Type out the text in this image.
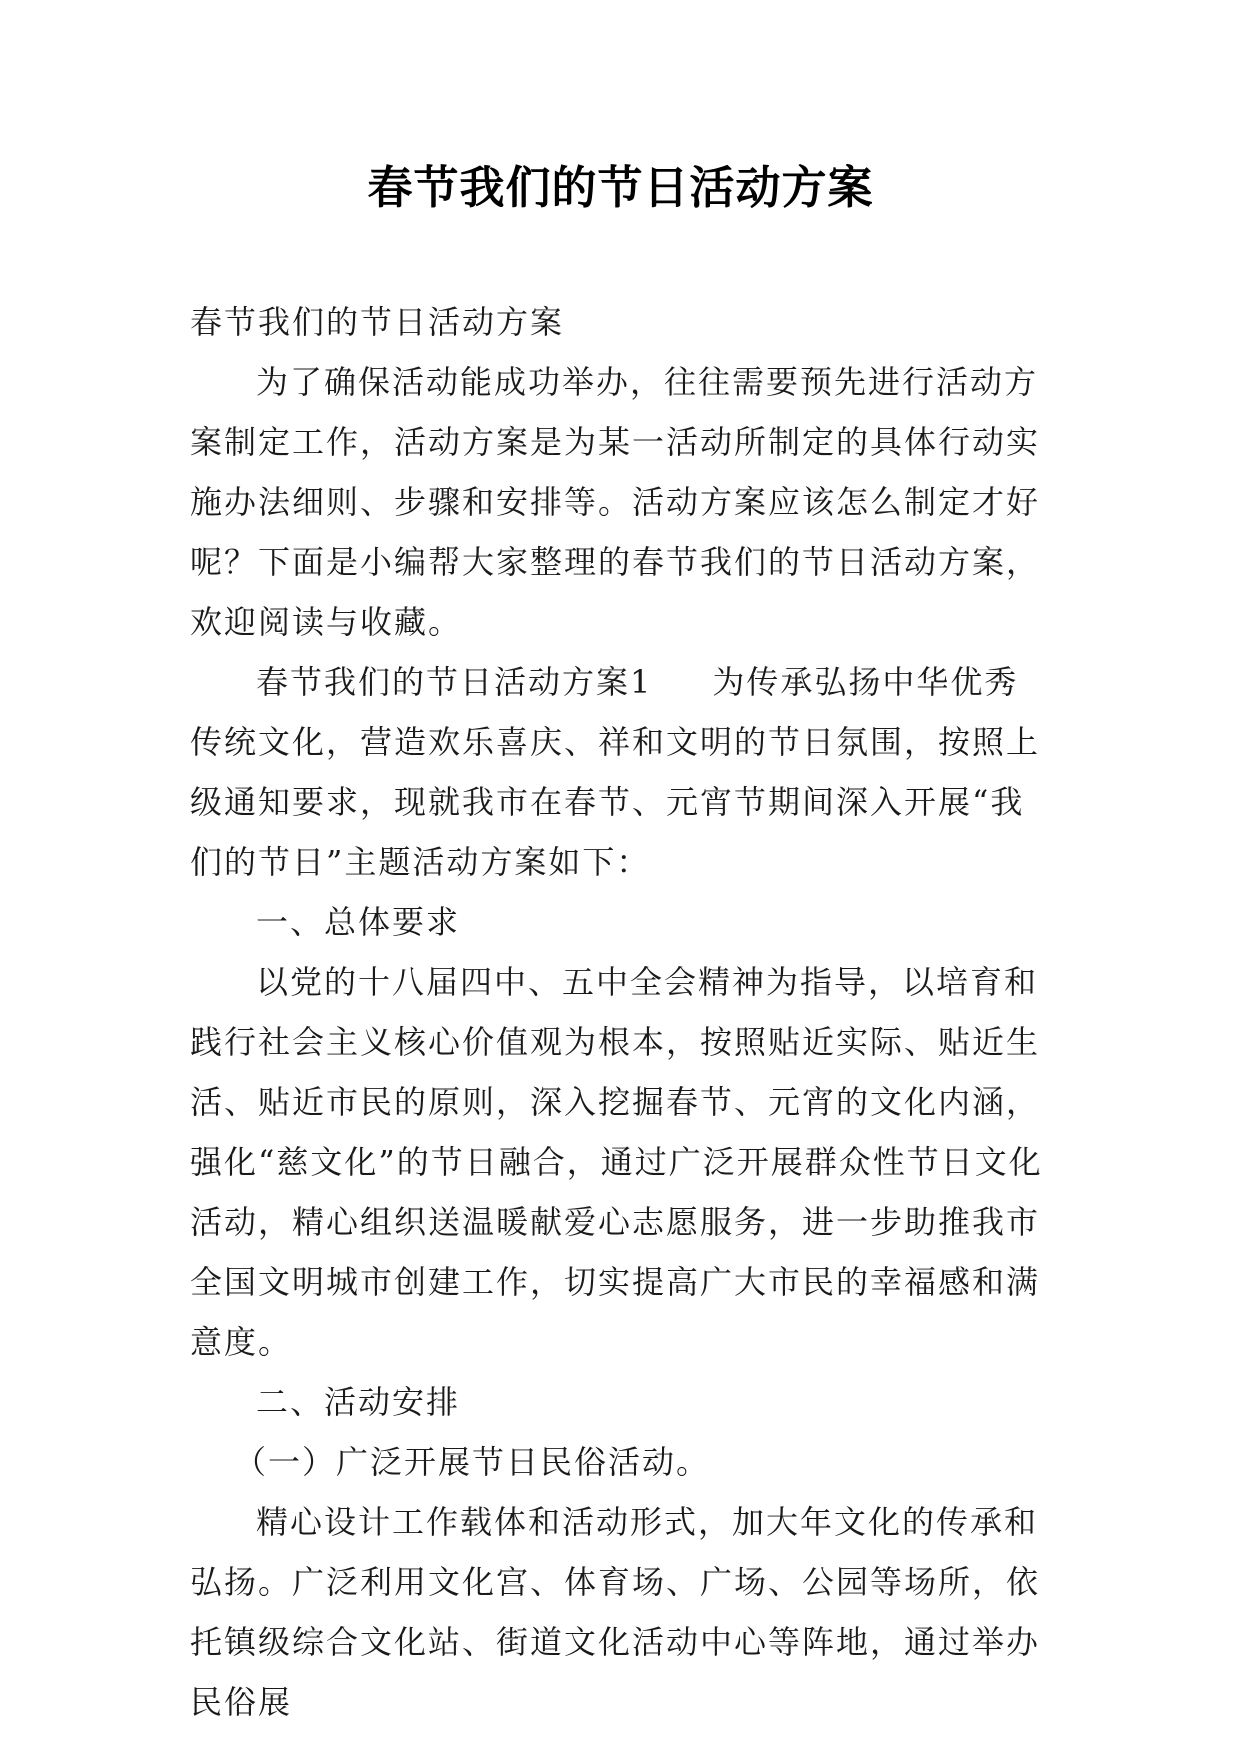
春节我们的节日活动方案

春节我们的节日活动方案

为了确保活动能成功举办，往往需要预先进行活动方案制定工作，活动方案是为某一活动所制定的具体行动实施办法细则、步骤和安排等。活动方案应该怎么制定才好呢？下面是小编帮大家整理的春节我们的节日活动方案，欢迎阅读与收藏。

春节我们的节日活动方案1 为传承弘扬中华优秀传统文化，营造欢乐喜庆、祥和文明的节日氛围，按照上级通知要求，现就我市在春节、元宵节期间深入开展“我们的节日”主题活动方案如下：

一、总体要求

以党的十八届四中、五中全会精神为指导，以培育和践行社会主义核心价值观为根本，按照贴近实际、贴近生活、贴近市民的原则，深入挖掘春节、元宵的文化内涵，强化“慈文化”的节日融合，通过广泛开展群众性节日文化活动，精心组织送温暖献爱心志愿服务，进一步助推我市全国文明城市创建工作，切实提高广大市民的幸福感和满意度。

二、活动安排

（一）广泛开展节日民俗活动。

精心设计工作载体和活动形式，加大年文化的传承和弘扬。广泛利用文化宫、体育场、广场、公园等场所，依托镇级综合文化站、街道文化活动中心等阵地，通过举办民俗展
